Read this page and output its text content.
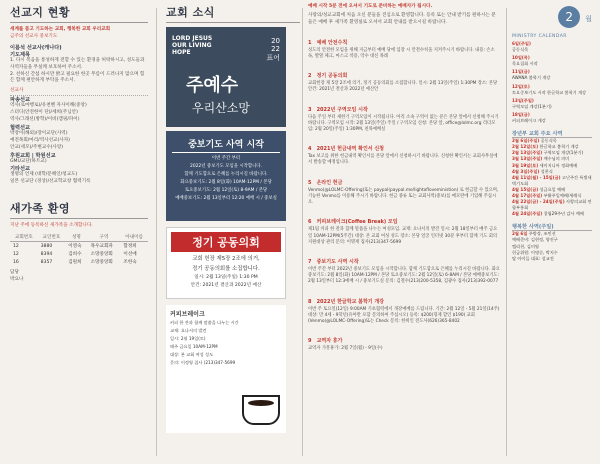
선교지 현황
세계를 품고 기도하는 교회, 행복한 교회 우리교회
금주의 선교사 중보기도
이름석 선교사(캐나다)
기도제목
1. 다시 복음을 통성하게 전할 수 있는 환경을 허락하시고, 성도들과 사역자들을 무실케 보호하여 주소서.
2. 선하신 간섭 하시만 밝고 필요한 한곳 무름이 드러나지 않으며 힘든 함께 편안하게 부탁을 주소서.
선교사
파송선교
역사(로마행로)/유천벤 자사이해(중앙)
스터디(안전한이 단)/세희(주님안)
역사/그래선(방학)/이비(캠핑/파이)
협력선교
박장이(해외)/장이교단(사역)
예전목회/마리/역사선교(사자)
안교(세모)/주변교수(사랑)
후원교회 | 학원선교
GMU교단(하트교)
기타선교
생명의 언제 (대학/문해인/청교도)
일본 선교단 (경상)/선교학교창 협력기록
새가족 환영
지난 주에 등록하신 새가족을 소개합니다.
교회번호	교인번호	성명	구역	아내이름
12	3880	이영숙	목우교회파	함정희
12	8394	김희수	소망중앙회	이선애
16	8357	김원희	소망중앙회	조한숙
담당
박요나
교회 소식
LORD JESUS
OUR LIVING
HOPE
20
22
표어
주예수
우리산소망
중보기도 사역 시작
이번 주간 부터
2022년 중보기도 모임을 시작합니다.
함께 기도함으로 은혜를 누리시길 바랍니다.
화요중보기도: 2월 8일(화) 10AM-12PM / 본당
토요중보기도: 2월 12일(토) 8-9AM / 본당
예배중보기도: 2월 13일부터 12:20 예배 시 / 중보실
정기 공동의회
교회 헌장 제5장 2조에 의거,
정기 공동의회를 소집합니다.
일시: 2월 13일(주일) 1:30 PM
안건: 2021년 결산과 2022년 예산
커피브레이크
커피 한 잔과 함께 말씀을 나누는 시간
교재: 요나서의 발견
일시: 2월 19일(토)
매주 금요일 10AM-12PM
대상: 본 교회 여성 성도
문의: 이정영 집사 (213)347-5699
예배 시작 5분 전에 오셔서 기도로 준비하는 예배자가 됩시다.
사랑의/성교교회에 처음 오신 분들을 진심으로 환영합니다. 등록 또는 안내 받기를 원하시는 분들은 예배 후 새가족 환영실로 오셔서 교회 안내를 받으시길 바랍니다.
1 예배 안전수칙
성도의 안전한 모임을 위해 지금부터 예배 당에 입장 시 안전수칙을 지켜주시기 바랍니다. 내용: 손소독, 발열 체크, 마스크 착용, 악수 대신 목례
2 정기 공동의회
교회헌장 제 5장 2조에 의거, 정기 공동의회를 소집합니다. 일시: 2월 13일(주일) 1:30PM 장소: 본당 안건: 2021년 결산과 2022년 예산안
3 2022년 구역모임 시작
다음 주일 부터 새한기 구역모임이 시작됩니다. 아직 소속 구역이 없는 분은 본당 앞에서 신청해 주시기 바랍니다. 구역모임 시작: 2월 13일(주일) 주일 / 구역모임 신청: 본당 앞, office@lolmc.org 리더모임: 2월 20일(주일) 1:30PM, 친목예배실
4 2021년 헌금내역 확인서 신청
Tax 보고를 위한 헌금내역 확인서를 본당 앞에서 신청하시기 바랍니다. 신청한 확인서는 교회사무실에서 발송할 예정입니다.
5 온라인 헌금
Venmo(@LOLMC-Offering)또는 paypal(paypal.me/lightofloveministion) 로 헌금할 수 있으며, 기능한 Venmo를 이용해 주시기 바랍니다. 헌금 종류 또는 교회사역(중보)를 메모란에 기입해 주십시오.
6 커피브레이크(Coffee Break) 모임
제1팀 커피 한 잔과 함께 말씀을 나누는 여성모임. 교재: 요나서의 발견 일시: 2월 18일부터 매주 금요일 10AM-12PM(5주간) 대상: 본 교회 여성 성도 장소: 본당 얼굴 인터넷 30분 후부터 함께 기도 회의 지원대상 관리 문의: 이명재 집사(213)347-5699
7 중보기도 사역 시작
이번 주간 부터 2022년 중보기도 모임을 시작합니다. 함께 기도함으로 은혜를 누리시길 바랍니다. 화요중보기도: 2월 8일(화) 10AM-12PM / 본당 토요중보기도: 2월 12일(토) 6-8AM / 본당 예배중보기도: 2월 13일부터 12:3예배 시 / 중보기도실 문의: 김철수(213)200-5358, 김광수 집사(213)392-0077
8 2022년 한글학교 봄학기 개강
이번 주 토요일(12일) 9:00AM 기초협력에서 개강예배를 드립니다. 기간: 2월 12일 - 5월 21일(14주) 대상: 만 4세 - 9학년(유아반 포함 문의하여 주십시오) 등록: $200(형제 할인 $190) 교회(Venmo(@LOLMC-Offering)또는 Check 문의: 한희인 전도사(626)365-8402
9 교역자 휴가
교역자 가흥휴가: 2월 7일(월) - 9일(수)
2 월
MINISTRY CALENDAR
6일(주일)
공동식목
10일(목)
목요집회 시작
11일(금)
AWANA 봄학기 개강
12일(토)
토요중보기도 시작 한글학교 봄학기 개강
13일(주일)
구역모임 개강(1분기)
18일(금)
커피브레이크 개강
장년부 교회 주요 사역
2월 6일(주일) 공동식목
2월 12일(토) 한글학교 봄학기 개강
2월 13일(주일) 구역모임 개강(1분기)
3월 13일(주일) 예수님의 의미
3월 19일(토) 세이지니아 정화예배
4월 3일(주일) 성찬식
4월 11일(월) - 15일(금) 고난주간 특별새벽기도회
4월 15일(금) 성금요일 예배
4월 17일(주일) 부활주일예배/세례식
4월 22일(금) - 24일(주일) 사랑의교회 연합부흥회
4월 24일(주일) 창립29주년 감사 예배
행복한 사역(주일)
2월 6일 주방장, 조민선
예배준비: 김현정, 양진구
엘리천, 김미영
헌금위원: 이명순, 박지수
탈 아이들 대표: 설교전
